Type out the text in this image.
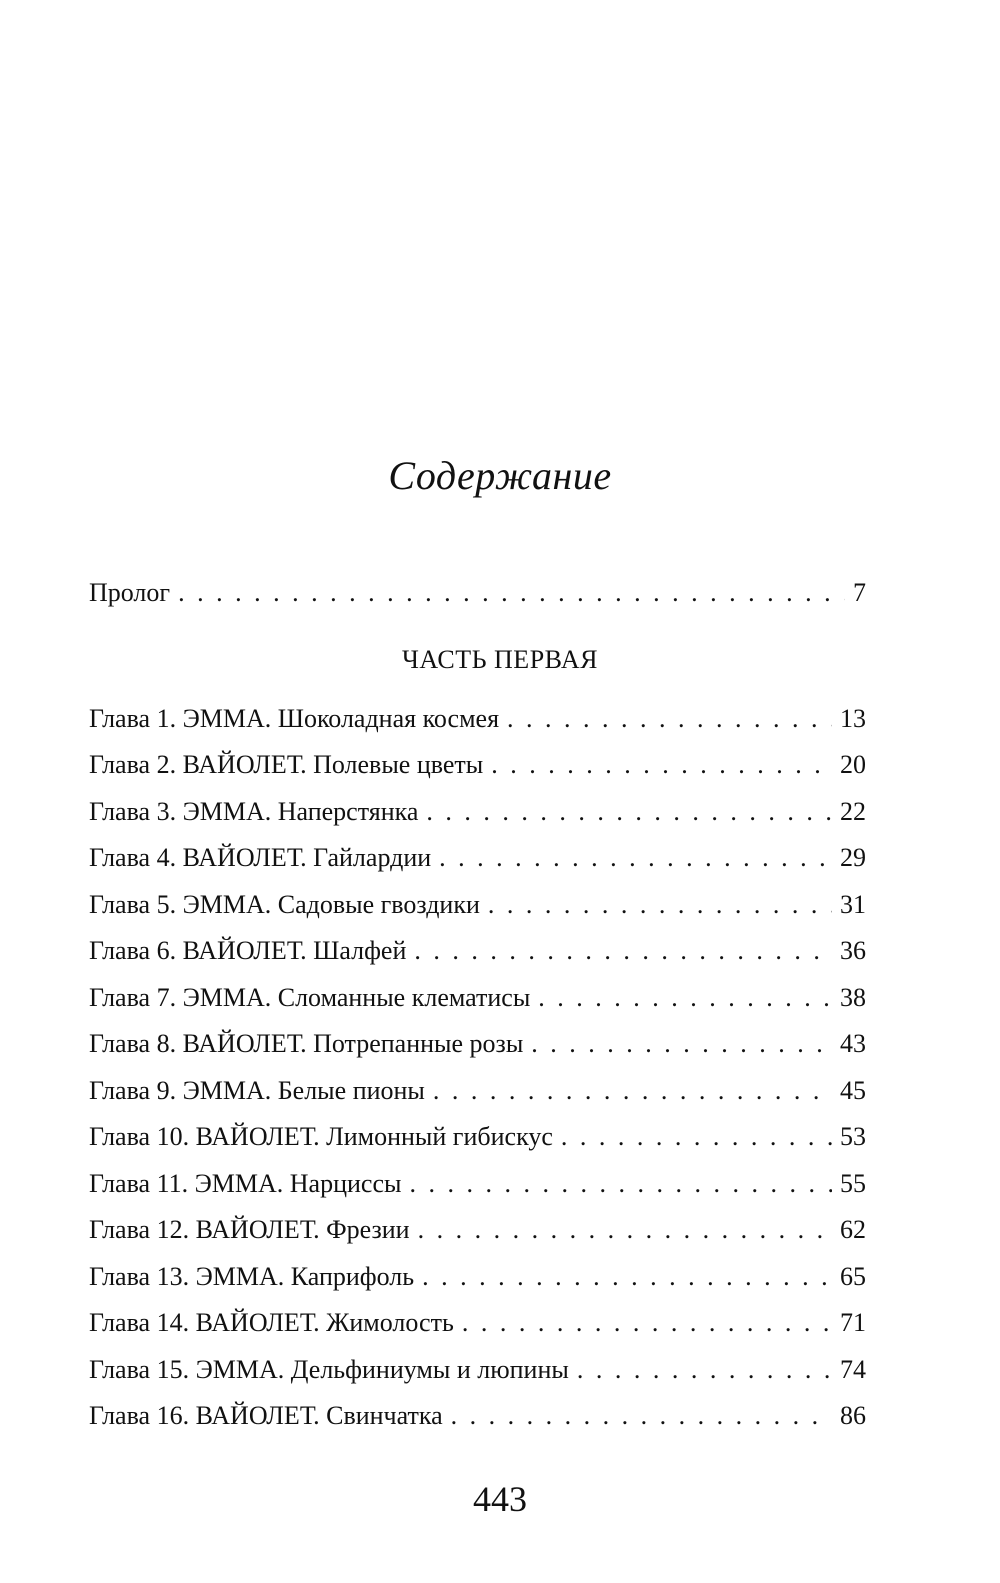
Содержание
Пролог . . .	7
ЧАСТЬ ПЕРВАЯ
Глава 1. ЭММА. Шоколадная космея . . .	13
Глава 2. ВАЙОЛЕТ. Полевые цветы . . .	20
Глава 3. ЭММА. Наперстянка . . .	22
Глава 4. ВАЙОЛЕТ. Гайлардии . . .	29
Глава 5. ЭММА. Садовые гвоздики . . .	31
Глава 6. ВАЙОЛЕТ. Шалфей . . .	36
Глава 7. ЭММА. Сломанные клематисы . . .	38
Глава 8. ВАЙОЛЕТ. Потрепанные розы . . .	43
Глава 9. ЭММА. Белые пионы . . .	45
Глава 10. ВАЙОЛЕТ. Лимонный гибискус . . .	53
Глава 11. ЭММА. Нарциссы . . .	55
Глава 12. ВАЙОЛЕТ. Фрезии . . .	62
Глава 13. ЭММА. Каприфоль . . .	65
Глава 14. ВАЙОЛЕТ. Жимолость . . .	71
Глава 15. ЭММА. Дельфиниумы и люпины . . .	74
Глава 16. ВАЙОЛЕТ. Свинчатка . . .	86
443
